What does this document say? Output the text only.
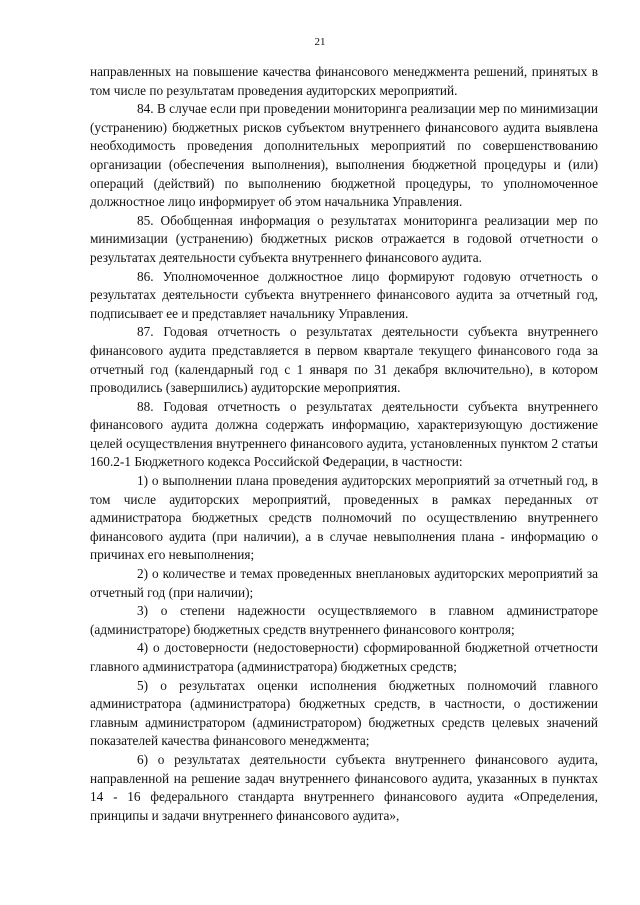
21

направленных на повышение качества финансового менеджмента решений, принятых в том числе по результатам проведения аудиторских мероприятий.

84. В случае если при проведении мониторинга реализации мер по минимизации (устранению) бюджетных рисков субъектом внутреннего финансового аудита выявлена необходимость проведения дополнительных мероприятий по совершенствованию организации (обеспечения выполнения), выполнения бюджетной процедуры и (или) операций (действий) по выполнению бюджетной процедуры, то уполномоченное должностное лицо информирует об этом начальника Управления.

85. Обобщенная информация о результатах мониторинга реализации мер по минимизации (устранению) бюджетных рисков отражается в годовой отчетности о результатах деятельности субъекта внутреннего финансового аудита.

86. Уполномоченное должностное лицо формируют годовую отчетность о результатах деятельности субъекта внутреннего финансового аудита за отчетный год, подписывает ее и представляет начальнику Управления.

87. Годовая отчетность о результатах деятельности субъекта внутреннего финансового аудита представляется в первом квартале текущего финансового года за отчетный год (календарный год с 1 января по 31 декабря включительно), в котором проводились (завершились) аудиторские мероприятия.

88. Годовая отчетность о результатах деятельности субъекта внутреннего финансового аудита должна содержать информацию, характеризующую достижение целей осуществления внутреннего финансового аудита, установленных пунктом 2 статьи 160.2-1 Бюджетного кодекса Российской Федерации, в частности:

1) о выполнении плана проведения аудиторских мероприятий за отчетный год, в том числе аудиторских мероприятий, проведенных в рамках переданных от администратора бюджетных средств полномочий по осуществлению внутреннего финансового аудита (при наличии), а в случае невыполнения плана - информацию о причинах его невыполнения;

2) о количестве и темах проведенных внеплановых аудиторских мероприятий за отчетный год (при наличии);

3) о степени надежности осуществляемого в главном администраторе (администраторе) бюджетных средств внутреннего финансового контроля;

4) о достоверности (недостоверности) сформированной бюджетной отчетности главного администратора (администратора) бюджетных средств;

5) о результатах оценки исполнения бюджетных полномочий главного администратора (администратора) бюджетных средств, в частности, о достижении главным администратором (администратором) бюджетных средств целевых значений показателей качества финансового менеджмента;

6) о результатах деятельности субъекта внутреннего финансового аудита, направленной на решение задач внутреннего финансового аудита, указанных в пунктах 14 - 16 федерального стандарта внутреннего финансового аудита «Определения, принципы и задачи внутреннего финансового аудита»,
